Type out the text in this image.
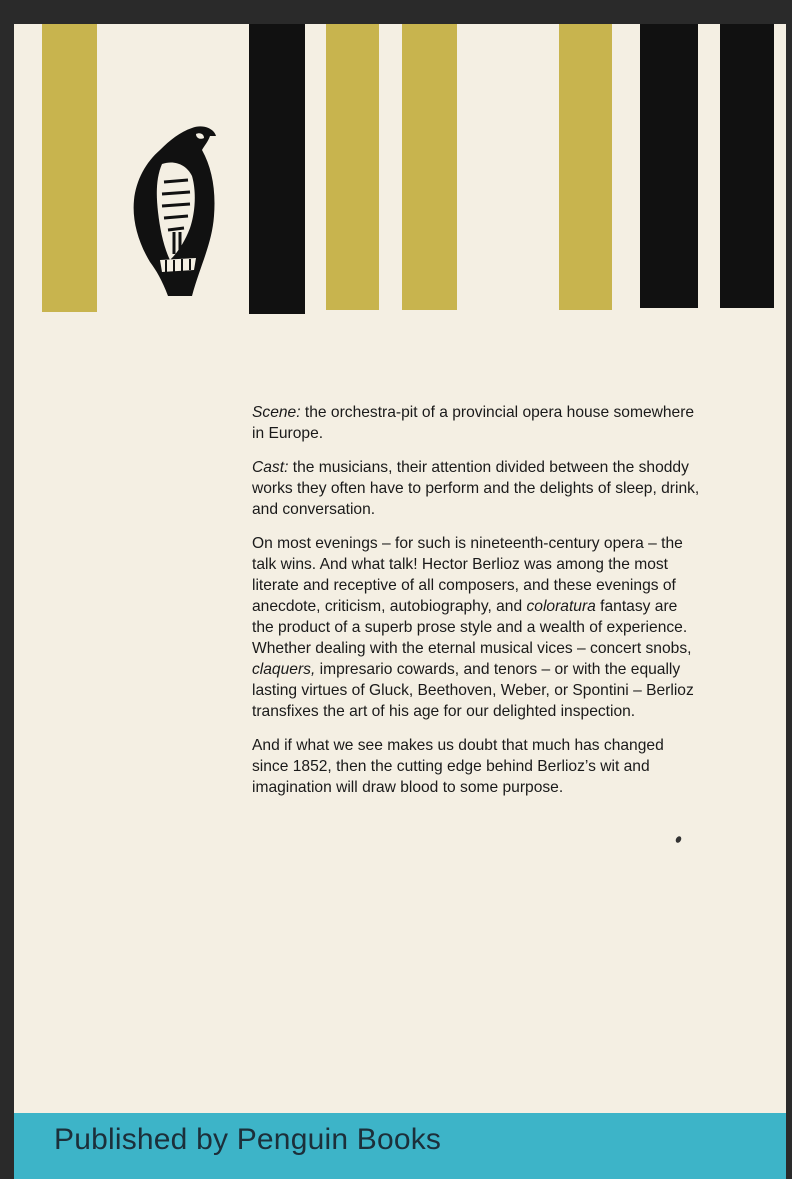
Scene: the orchestra-pit of a provincial opera house somewhere in Europe.

Cast: the musicians, their attention divided between the shoddy works they often have to perform and the delights of sleep, drink, and conversation.

On most evenings – for such is nineteenth-century opera – the talk wins. And what talk! Hector Berlioz was among the most literate and receptive of all composers, and these evenings of anecdote, criticism, autobiography, and coloratura fantasy are the product of a superb prose style and a wealth of experience. Whether dealing with the eternal musical vices – concert snobs, claquers, impresario cowards, and tenors – or with the equally lasting virtues of Gluck, Beethoven, Weber, or Spontini – Berlioz transfixes the art of his age for our delighted inspection.

And if what we see makes us doubt that much has changed since 1852, then the cutting edge behind Berlioz’s wit and imagination will draw blood to some purpose.

Published by Penguin Books
